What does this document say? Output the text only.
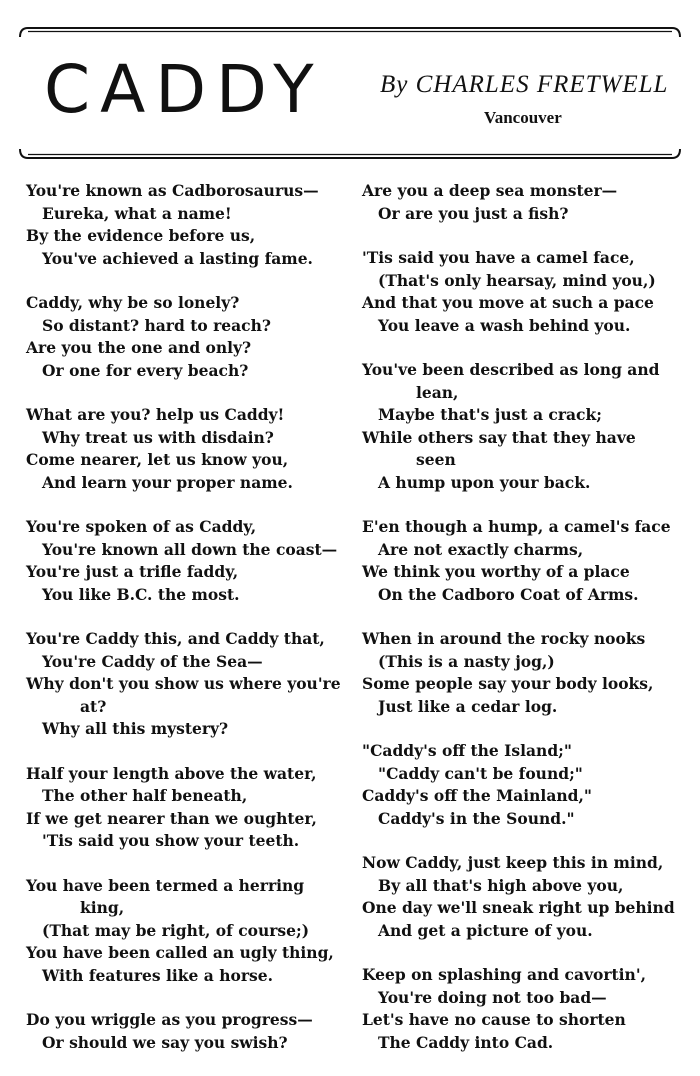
CADDY By CHARLES FRETWELL
Vancouver
You're known as Cadborosaurus—
Eureka, what a name!
By the evidence before us,
You've achieved a lasting fame.
Caddy, why be so lonely?
So distant? hard to reach?
Are you the one and only?
Or one for every beach?
What are you? help us Caddy!
Why treat us with disdain?
Come nearer, let us know you,
And learn your proper name.
You're spoken of as Caddy,
You're known all down the coast—
You're just a trifle faddy,
You like B.C. the most.
You're Caddy this, and Caddy that,
You're Caddy of the Sea—
Why don't you show us where you're
at?
Why all this mystery?
Half your length above the water,
The other half beneath,
If we get nearer than we oughter,
'Tis said you show your teeth.
You have been termed a herring
king,
(That may be right, of course;)
You have been called an ugly thing,
With features like a horse.
Do you wriggle as you progress—
Or should we say you swish?
Are you a deep sea monster—
Or are you just a fish?
'Tis said you have a camel face,
(That's only hearsay, mind you,)
And that you move at such a pace
You leave a wash behind you.
You've been described as long and
lean,
Maybe that's just a crack;
While others say that they have
seen
A hump upon your back.
E'en though a hump, a camel's face
Are not exactly charms,
We think you worthy of a place
On the Cadboro Coat of Arms.
When in around the rocky nooks
(This is a nasty jog,)
Some people say your body looks,
Just like a cedar log.
"Caddy's off the Island;"
"Caddy can't be found;"
Caddy's off the Mainland,"
Caddy's in the Sound."
Now Caddy, just keep this in mind,
By all that's high above you,
One day we'll sneak right up behind
And get a picture of you.
Keep on splashing and cavortin',
You're doing not too bad—
Let's have no cause to shorten
The Caddy into Cad.
